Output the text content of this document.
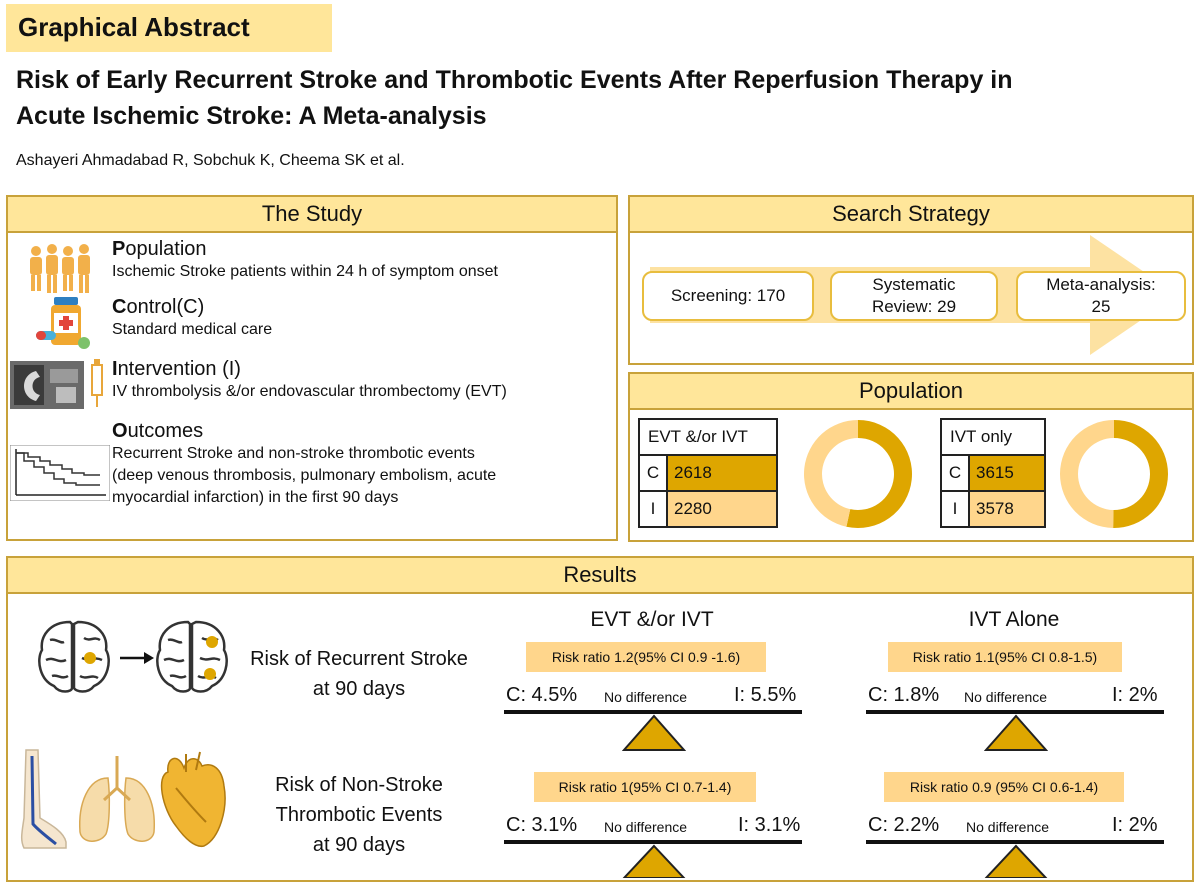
Graphical Abstract
Risk of Early Recurrent Stroke and Thrombotic Events After Reperfusion Therapy in
Acute Ischemic Stroke: A Meta-analysis
Ashayeri Ahmadabad R, Sobchuk K, Cheema SK et al.
The Study
Population
Ischemic Stroke patients within 24 h of symptom onset
Control(C)
Standard medical care
Intervention (I)
IV thrombolysis &/or endovascular thrombectomy (EVT)
Outcomes
Recurrent Stroke and non-stroke thrombotic events
(deep venous thrombosis, pulmonary embolism, acute
myocardial infarction) in the first 90 days
Search Strategy
Screening: 170
Systematic
Review: 29
Meta-analysis:
25
Population
EVT &/or IVT	
C	2618
I	2280
IVT only	
C	3615
I	3578
Results
Risk of Recurrent Stroke
at 90 days
Risk of Non-Stroke
Thrombotic Events
at 90 days
EVT &/or IVT	IVT Alone
Risk ratio 1.2(95% CI 0.9 -1.6)
C: 4.5% No difference I: 5.5%
Risk ratio 1.1(95% CI 0.8-1.5)
C: 1.8% No difference	I: 2%
Risk ratio 1(95% CI 0.7-1.4)
C: 3.1% No difference	I: 3.1%
Risk ratio 0.9 (95% CI 0.6-1.4)
C: 2.2% No difference	I: 2%
